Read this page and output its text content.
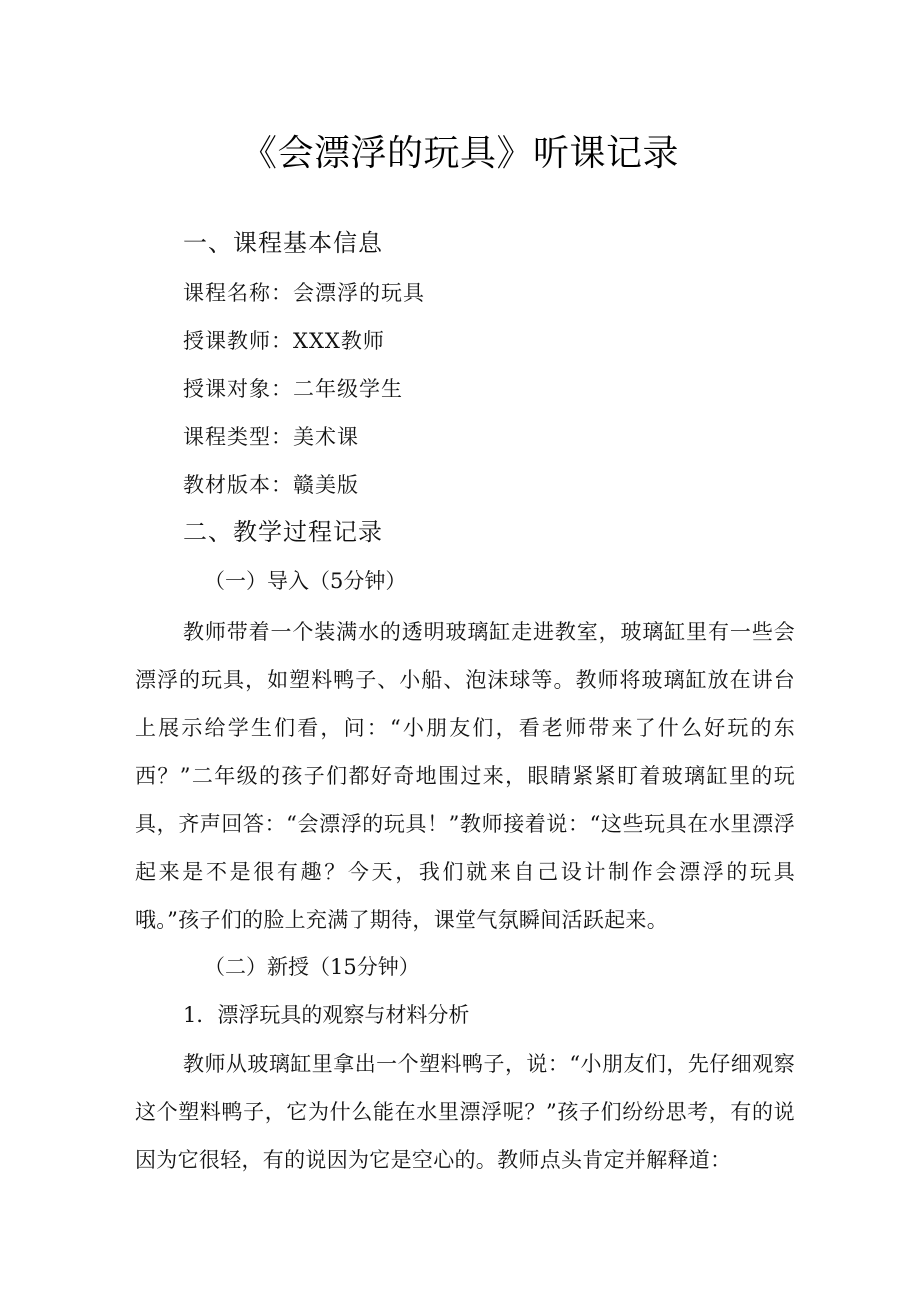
《会漂浮的玩具》听课记录
一、课程基本信息
课程名称：会漂浮的玩具
授课教师：XXX教师
授课对象：二年级学生
课程类型：美术课
教材版本：赣美版
二、教学过程记录
（一）导入（5分钟）
教师带着一个装满水的透明玻璃缸走进教室，玻璃缸里有一些会漂浮的玩具，如塑料鸭子、小船、泡沫球等。教师将玻璃缸放在讲台上展示给学生们看，问：“小朋友们，看老师带来了什么好玩的东西？”二年级的孩子们都好奇地围过来，眼睛紧紧盯着玻璃缸里的玩具，齐声回答：“会漂浮的玩具！”教师接着说：“这些玩具在水里漂浮起来是不是很有趣？今天，我们就来自己设计制作会漂浮的玩具哦。”孩子们的脸上充满了期待，课堂气氛瞬间活跃起来。
（二）新授（15分钟）
1．漂浮玩具的观察与材料分析
教师从玻璃缸里拿出一个塑料鸭子，说：“小朋友们，先仔细观察这个塑料鸭子，它为什么能在水里漂浮呢？”孩子们纷纷思考，有的说因为它很轻，有的说因为它是空心的。教师点头肯定并解释道：
